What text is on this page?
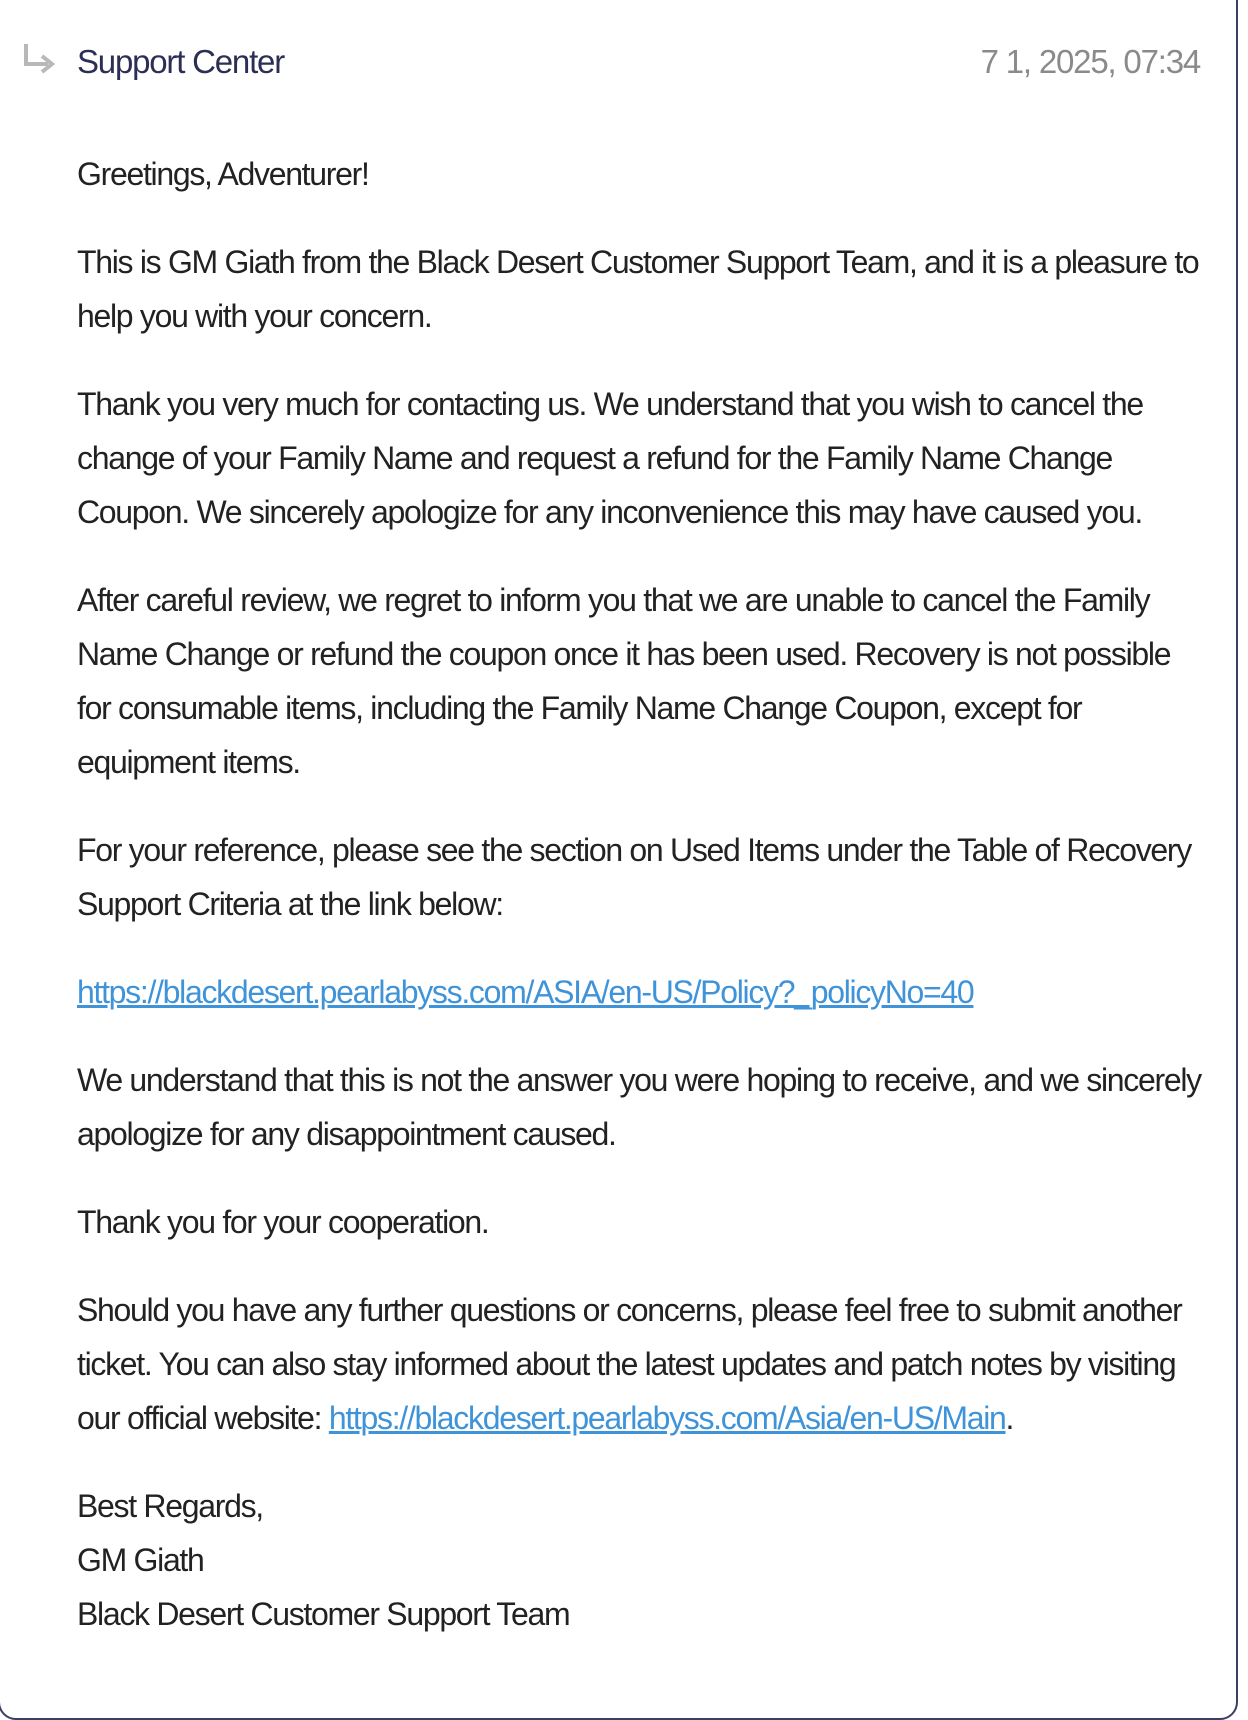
Support Center	7 1, 2025, 07:34

Greetings, Adventurer!

This is GM Giath from the Black Desert Customer Support Team, and it is a pleasure to help you with your concern.

Thank you very much for contacting us. We understand that you wish to cancel the change of your Family Name and request a refund for the Family Name Change Coupon. We sincerely apologize for any inconvenience this may have caused you.

After careful review, we regret to inform you that we are unable to cancel the Family Name Change or refund the coupon once it has been used. Recovery is not possible for consumable items, including the Family Name Change Coupon, except for equipment items.

For your reference, please see the section on Used Items under the Table of Recovery Support Criteria at the link below:

https://blackdesert.pearlabyss.com/ASIA/en-US/Policy?_policyNo=40

We understand that this is not the answer you were hoping to receive, and we sincerely apologize for any disappointment caused.

Thank you for your cooperation.

Should you have any further questions or concerns, please feel free to submit another ticket. You can also stay informed about the latest updates and patch notes by visiting our official website: https://blackdesert.pearlabyss.com/Asia/en-US/Main.

Best Regards,
GM Giath
Black Desert Customer Support Team
